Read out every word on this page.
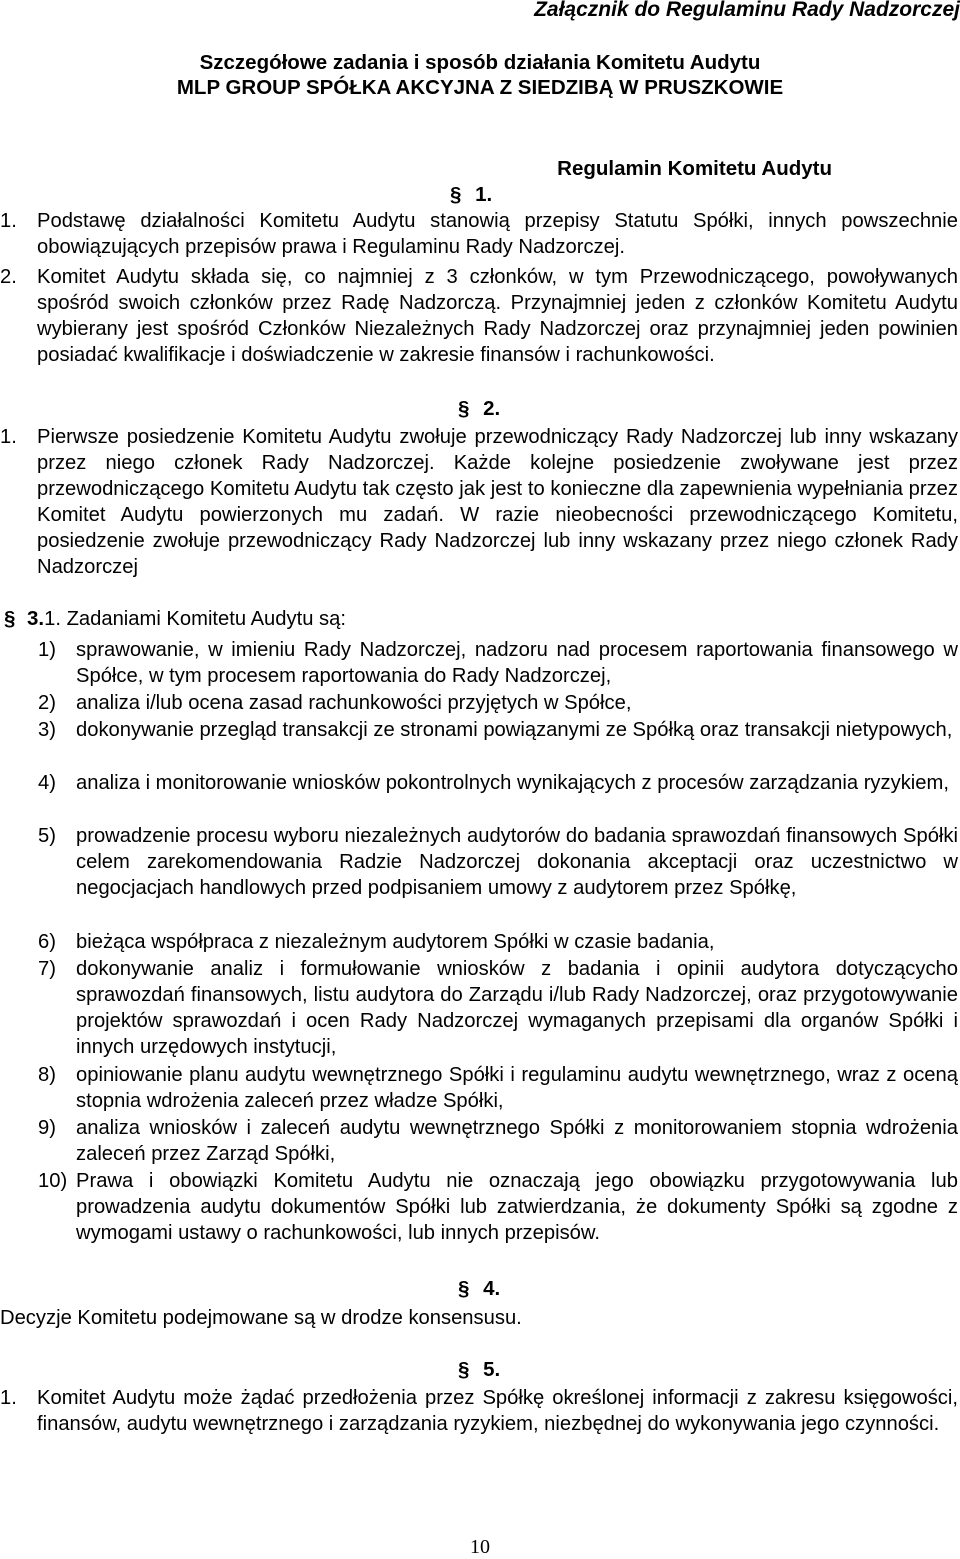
Załącznik do Regulaminu Rady Nadzorczej
Szczegółowe zadania i sposób działania Komitetu Audytu
MLP GROUP SPÓŁKA AKCYJNA Z SIEDZIBĄ W PRUSZKOWIE
Regulamin Komitetu Audytu
§ 1.
1. Podstawę działalności Komitetu Audytu stanowią przepisy Statutu Spółki, innych powszechnie obowiązujących przepisów prawa i Regulaminu Rady Nadzorczej.
2. Komitet Audytu składa się, co najmniej z 3 członków, w tym Przewodniczącego, powoływanych spośród swoich członków przez Radę Nadzorczą. Przynajmniej jeden z członków Komitetu Audytu wybierany jest spośród Członków Niezależnych Rady Nadzorczej oraz przynajmniej jeden powinien posiadać kwalifikacje i doświadczenie w zakresie finansów i rachunkowości.
§ 2.
1. Pierwsze posiedzenie Komitetu Audytu zwołuje przewodniczący Rady Nadzorczej lub inny wskazany przez niego członek Rady Nadzorczej. Każde kolejne posiedzenie zwoływane jest przez przewodniczącego Komitetu Audytu tak często jak jest to konieczne dla zapewnienia wypełniania przez Komitet Audytu powierzonych mu zadań. W razie nieobecności przewodniczącego Komitetu, posiedzenie zwołuje przewodniczący Rady Nadzorczej lub inny wskazany przez niego członek Rady Nadzorczej
§ 3.1. Zadaniami Komitetu Audytu są:
1) sprawowanie, w imieniu Rady Nadzorczej, nadzoru nad procesem raportowania finansowego w Spółce, w tym procesem raportowania do Rady Nadzorczej,
2) analiza i/lub ocena zasad rachunkowości przyjętych w Spółce,
3) dokonywanie przegląd transakcji ze stronami powiązanymi ze Spółką oraz transakcji nietypowych,
4) analiza i monitorowanie wniosków pokontrolnych wynikających z procesów zarządzania ryzykiem,
5) prowadzenie procesu wyboru niezależnych audytorów do badania sprawozdań finansowych Spółki celem zarekomendowania Radzie Nadzorczej dokonania akceptacji oraz uczestnictwo w negocjacjach handlowych przed podpisaniem umowy z audytorem przez Spółkę,
6) bieżąca współpraca z niezależnym audytorem Spółki w czasie badania,
7) dokonywanie analiz i formułowanie wniosków z badania i opinii audytora dotyczącycho sprawozdań finansowych, listu audytora do Zarządu i/lub Rady Nadzorczej, oraz przygotowywanie projektów sprawozdań i ocen Rady Nadzorczej wymaganych przepisami dla organów Spółki i innych urzędowych instytucji,
8) opiniowanie planu audytu wewnętrznego Spółki i regulaminu audytu wewnętrznego, wraz z oceną stopnia wdrożenia zaleceń przez władze Spółki,
9) analiza wniosków i zaleceń audytu wewnętrznego Spółki z monitorowaniem stopnia wdrożenia zaleceń przez Zarząd Spółki,
10) Prawa i obowiązki Komitetu Audytu nie oznaczają jego obowiązku przygotowywania lub prowadzenia audytu dokumentów Spółki lub zatwierdzania, że dokumenty Spółki są zgodne z wymogami ustawy o rachunkowości, lub innych przepisów.
§ 4.
Decyzje Komitetu podejmowane są w drodze konsensusu.
§ 5.
1. Komitet Audytu może żądać przedłożenia przez Spółkę określonej informacji z zakresu księgowości, finansów, audytu wewnętrznego i zarządzania ryzykiem, niezbędnej do wykonywania jego czynności.
10
